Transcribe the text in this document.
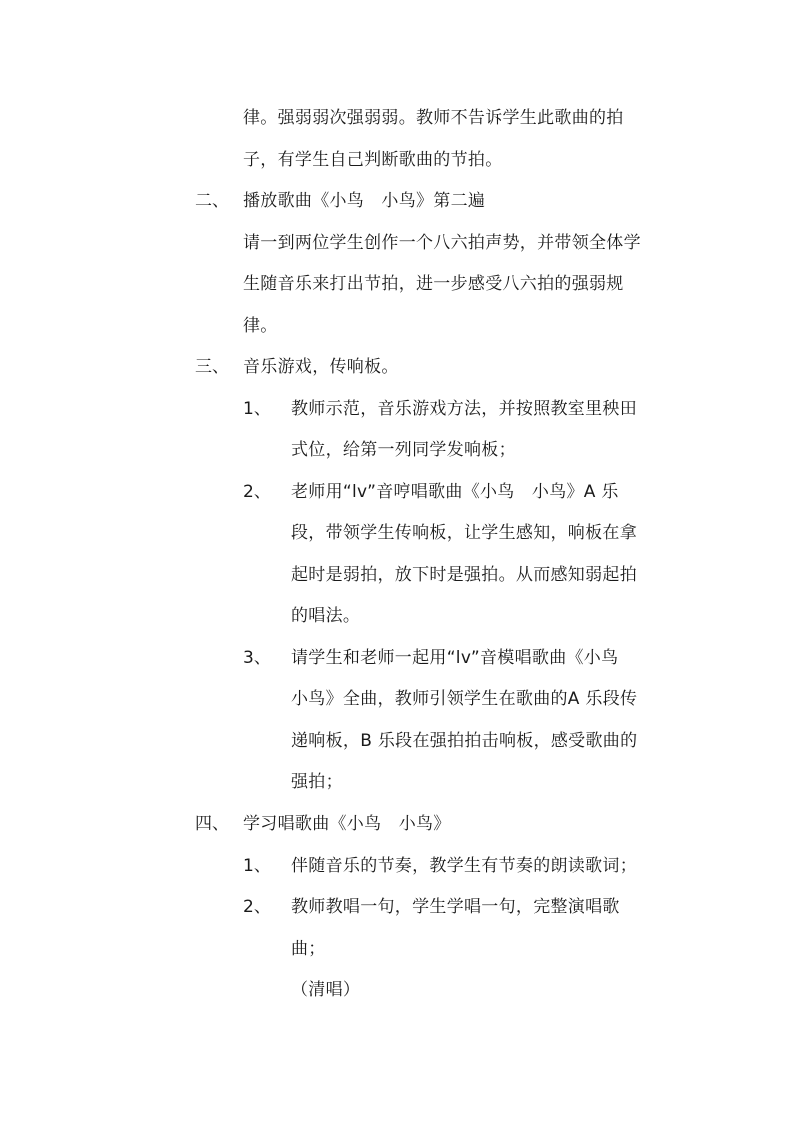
二、
三、
1、
2、
3、
四、
1、
2、
律。强弱弱次强弱弱。教师不告诉学生此歌曲的拍
子，有学生自己判断歌曲的节拍。
播放歌曲《小鸟　小鸟》第二遍
请一到两位学生创作一个八六拍声势，并带领全体学
生随音乐来打出节拍，进一步感受八六拍的强弱规
律。
音乐游戏，传响板。
教师示范，音乐游戏方法，并按照教室里秧田
式位，给第一列同学发响板；
老师用“lv”音哼唱歌曲《小鸟　小鸟》A 乐
段，带领学生传响板，让学生感知，响板在拿
起时是弱拍，放下时是强拍。从而感知弱起拍
的唱法。
请学生和老师一起用“lv”音模唱歌曲《小鸟
小鸟》全曲，教师引领学生在歌曲的A 乐段传
递响板，B 乐段在强拍拍击响板，感受歌曲的
强拍；
学习唱歌曲《小鸟　小鸟》
伴随音乐的节奏，教学生有节奏的朗读歌词；
教师教唱一句，学生学唱一句，完整演唱歌
曲；
（清唱）
